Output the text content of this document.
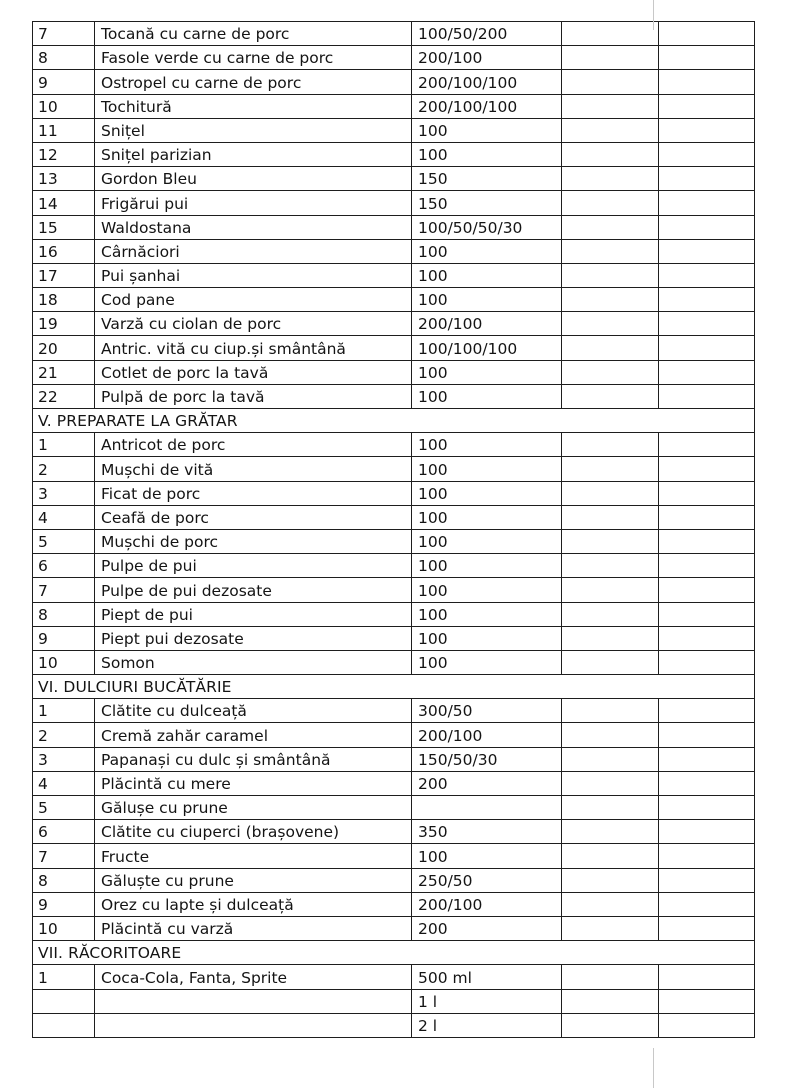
7	Tocană cu carne de porc	100/50/200		
8	Fasole verde cu carne de porc	200/100		
9	Ostropel cu carne de porc	200/100/100		
10	Tochitură	200/100/100		
11	Snițel	100		
12	Snițel parizian	100		
13	Gordon Bleu	150		
14	Frigărui pui	150		
15	Waldostana	100/50/50/30		
16	Cârnăciori	100		
17	Pui șanhai	100		
18	Cod pane	100		
19	Varză cu ciolan de porc	200/100		
20	Antric. vită cu ciup.și smântână	100/100/100		
21	Cotlet de porc la tavă	100		
22	Pulpă de porc la tavă	100		
V. PREPARATE LA GRĂTAR				
1	Antricot de porc	100		
2	Mușchi de vită	100		
3	Ficat de porc	100		
4	Ceafă de porc	100		
5	Mușchi de porc	100		
6	Pulpe de pui	100		
7	Pulpe de pui dezosate	100		
8	Piept de pui	100		
9	Piept pui dezosate	100		
10	Somon	100		
VI. DULCIURI BUCĂTĂRIE				
1	Clătite cu dulceață	300/50		
2	Cremă zahăr caramel	200/100		
3	Papanași cu dulc și smântână	150/50/30		
4	Plăcintă cu mere	200		
5	Gălușe cu prune			
6	Clătite cu ciuperci (brașovene)	350		
7	Fructe	100		
8	Găluște cu prune	250/50		
9	Orez cu lapte și dulceață	200/100		
10	Plăcintă cu varză	200		
VII. RĂCORITOARE				
1	Coca-Cola, Fanta, Sprite	500 ml		
		1 l		
		2 l		
